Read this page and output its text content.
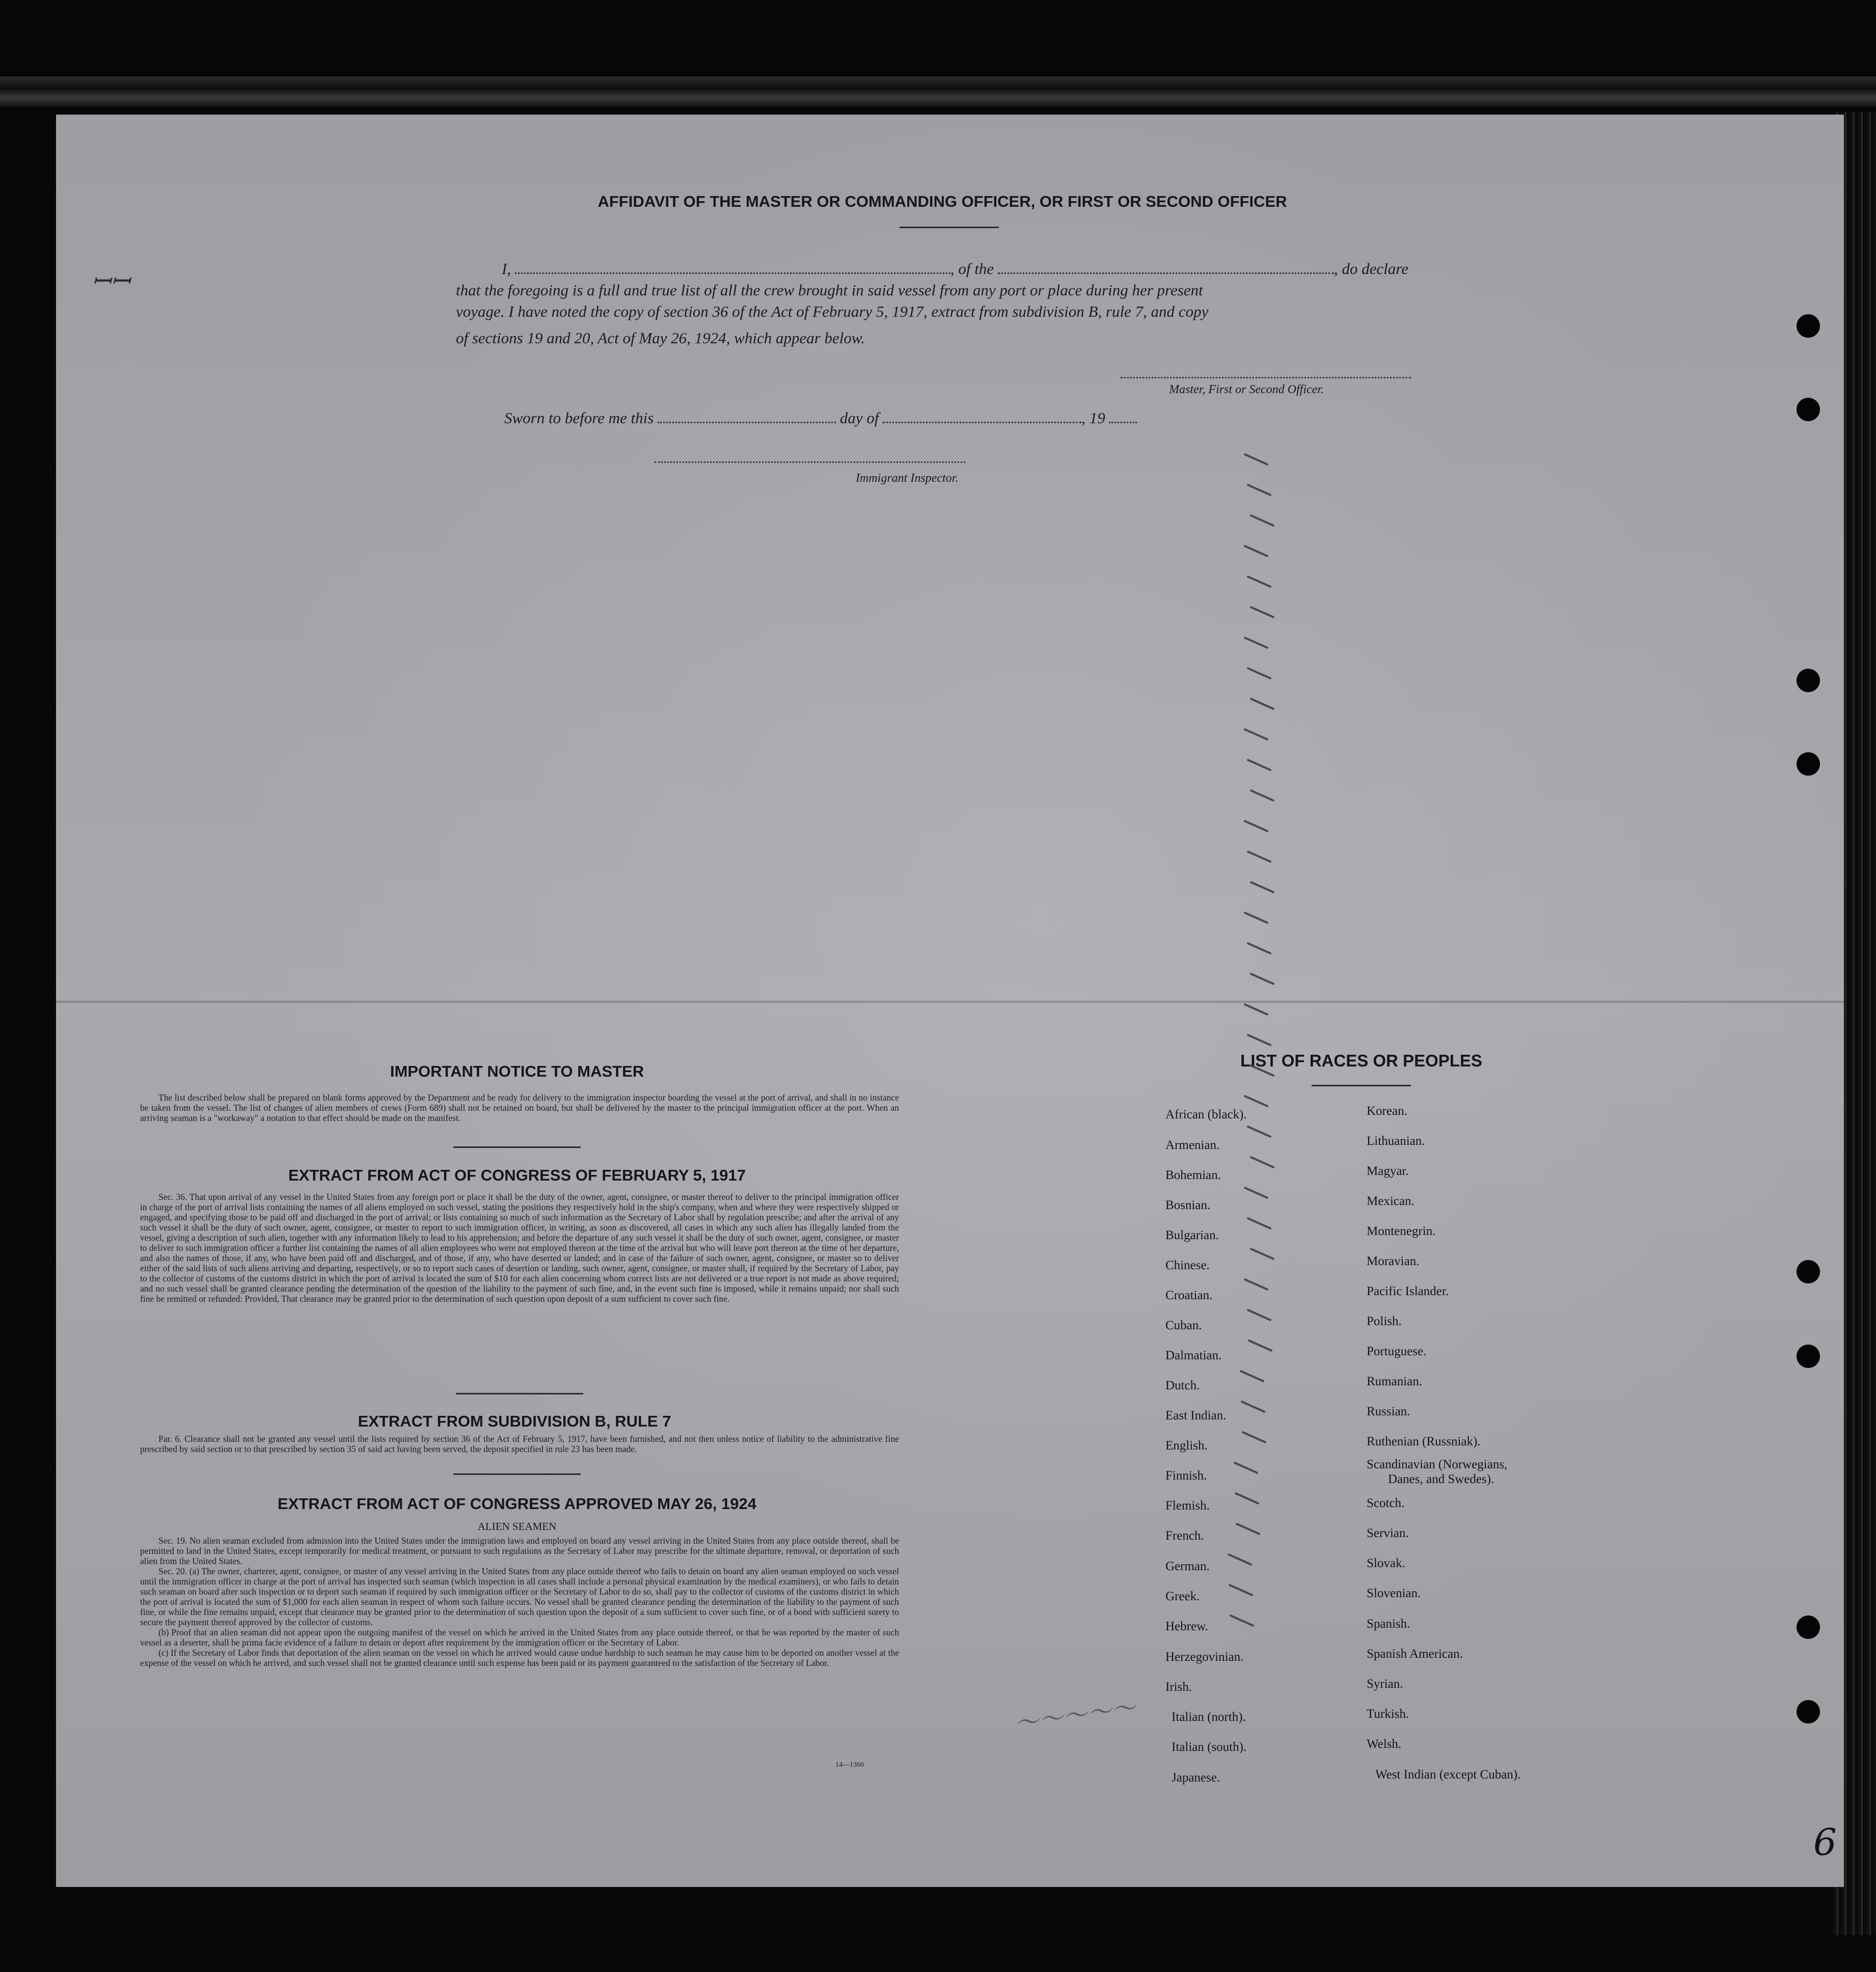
AFFIDAVIT OF THE MASTER OR COMMANDING OFFICER, OR FIRST OR SECOND OFFICER
I,	, of the	, do declare
that the foregoing is a full and true list of all the crew brought in said vessel from any port or place during her present
voyage. I have noted the copy of section 36 of the Act of February 5, 1917, extract from subdivision B, rule 7, and copy
of sections 19 and 20, Act of May 26, 1924, which appear below.
Master, First or Second Officer.
Sworn to before me this	day of	, 19
Immigrant Inspector.
ꟷꟷ
IMPORTANT NOTICE TO MASTER

The list described below shall be prepared on blank forms approved by the Department and be ready for delivery to the immigration inspector boarding the vessel at the port of arrival, and shall in no instance be taken from the vessel. The list of changes of alien members of crews (Form 689) shall not be retained on board, but shall be delivered by the master to the principal immigration officer at the port. When an arriving seaman is a "workaway" a notation to that effect should be made on the manifest.

EXTRACT FROM ACT OF CONGRESS OF FEBRUARY 5, 1917

Sec. 36. That upon arrival of any vessel in the United States from any foreign port or place it shall be the duty of the owner, agent, consignee, or master thereof to deliver to the principal immigration officer in charge of the port of arrival lists containing the names of all aliens employed on such vessel, stating the positions they respectively hold in the ship's company, when and where they were respectively shipped or engaged, and specifying those to be paid off and discharged in the port of arrival; or lists containing so much of such information as the Secretary of Labor shall by regulation prescribe; and after the arrival of any such vessel it shall be the duty of such owner, agent, consignee, or master to report to such immigration officer, in writing, as soon as discovered, all cases in which any such alien has illegally landed from the vessel, giving a description of such alien, together with any information likely to lead to his apprehension; and before the departure of any such vessel it shall be the duty of such owner, agent, consignee, or master to deliver to such immigration officer a further list containing the names of all alien employees who were not employed thereon at the time of the arrival but who will leave port thereon at the time of her departure, and also the names of those, if any, who have been paid off and discharged, and of those, if any, who have deserted or landed; and in case of the failure of such owner, agent, consignee, or master so to deliver either of the said lists of such aliens arriving and departing, respectively, or so to report such cases of desertion or landing, such owner, agent, consignee, or master shall, if required by the Secretary of Labor, pay to the collector of customs of the customs district in which the port of arrival is located the sum of $10 for each alien concerning whom correct lists are not delivered or a true report is not made as above required; and no such vessel shall be granted clearance pending the determination of the question of the liability to the payment of such fine, and, in the event such fine is imposed, while it remains unpaid; nor shall such fine be remitted or refunded: Provided, That clearance may be granted prior to the determination of such question upon deposit of a sum sufficient to cover such fine.

EXTRACT FROM SUBDIVISION B, RULE 7

Par. 6. Clearance shall not be granted any vessel until the lists required by section 36 of the Act of February 5, 1917, have been furnished, and not then unless notice of liability to the administrative fine prescribed by said section or to that prescribed by section 35 of said act having been served, the deposit specified in rule 23 has been made.

EXTRACT FROM ACT OF CONGRESS APPROVED MAY 26, 1924
ALIEN SEAMEN

Sec. 19. No alien seaman excluded from admission into the United States under the immigration laws and employed on board any vessel arriving in the United States from any place outside thereof, shall be permitted to land in the United States, except temporarily for medical treatment, or pursuant to such regulations as the Secretary of Labor may prescribe for the ultimate departure, removal, or deportation of such alien from the United States.

Sec. 20. (a) The owner, charterer, agent, consignee, or master of any vessel arriving in the United States from any place outside thereof who fails to detain on board any alien seaman employed on such vessel until the immigration officer in charge at the port of arrival has inspected such seaman (which inspection in all cases shall include a personal physical examination by the medical examiners), or who fails to detain such seaman on board after such inspection or to deport such seaman if required by such immigration officer or the Secretary of Labor to do so, shall pay to the collector of customs of the customs district in which the port of arrival is located the sum of $1,000 for each alien seaman in respect of whom such failure occurs. No vessel shall be granted clearance pending the determination of the liability to the payment of such fine, or while the fine remains unpaid, except that clearance may be granted prior to the determination of such question upon the deposit of a sum sufficient to cover such fine, or of a bond with sufficient surety to secure the payment thereof approved by the collector of customs.

(b) Proof that an alien seaman did not appear upon the outgoing manifest of the vessel on which he arrived in the United States from any place outside thereof, or that he was reported by the master of such vessel as a deserter, shall be prima facie evidence of a failure to detain or deport after requirement by the immigration officer or the Secretary of Labor.

(c) If the Secretary of Labor finds that deportation of the alien seaman on the vessel on which he arrived would cause undue hardship to such seaman he may cause him to be deported on another vessel at the expense of the vessel on which he arrived, and such vessel shall not be granted clearance until such expense has been paid or its payment guaranteed to the satisfaction of the Secretary of Labor.

14—1360
LIST OF RACES OR PEOPLES
African (black).
Armenian.
Bohemian.
Bosnian.
Bulgarian.
Chinese.
Croatian.
Cuban.
Dalmatian.
Dutch.
East Indian.
English.
Finnish.
Flemish.
French.
German.
Greek.
Hebrew.
Herzegovinian.
Irish.
Italian (north).
Italian (south).
Japanese.
Korean.
Lithuanian.
Magyar.
Mexican.
Montenegrin.
Moravian.
Pacific Islander.
Polish.
Portuguese.
Rumanian.
Russian.
Ruthenian (Russniak).
Scandinavian (Norwegians,
Scotch.
Servian.
Slovak.
Slovenian.
Spanish.
Spanish American.
Syrian.
Turkish.
Welsh.
West Indian (except Cuban).
Danes, and Swedes).
〜〜〜〜〜
6
